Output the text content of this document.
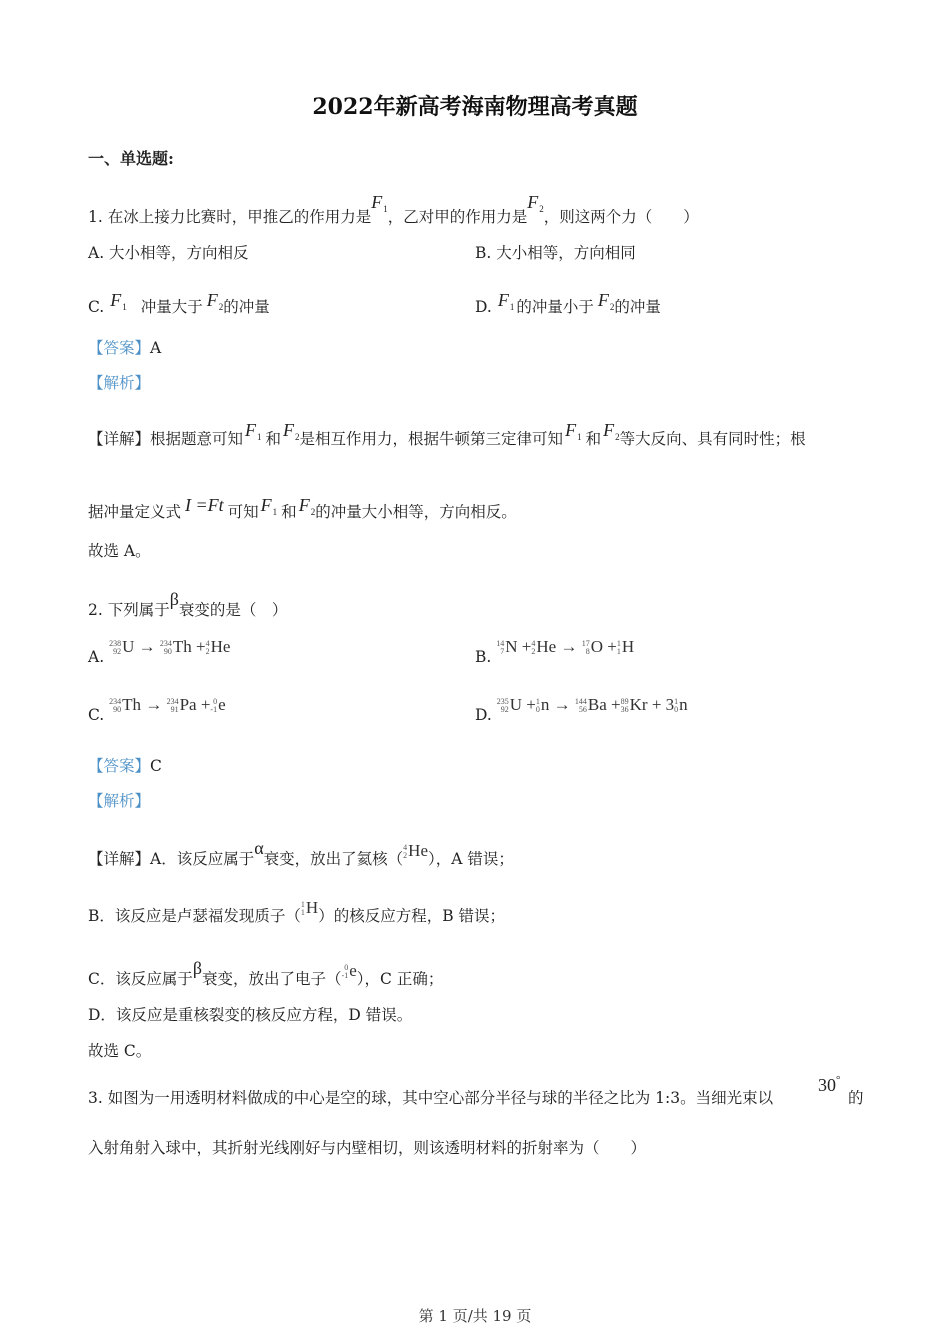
2022年新高考海南物理高考真题
一、单选题:
1. 在冰上接力比赛时，甲推乙的作用力是$F_1$，乙对甲的作用力是$F_2$，则这两个力（　　）
A. 大小相等，方向相反	B. 大小相等，方向相同
C. $F_1$ 冲量大于 $F_2$的冲量	D. $F_1$ 的冲量小于 $F_2$的冲量
【答案】A
【解析】
【详解】根据题意可知 $F_1$ 和 $F_2$是相互作用力，根据牛顿第三定律可知 $F_1$ 和 $F_2$等大反向、具有同时性；根
据冲量定义式 I =Ft 可知 $F_1$ 和 $F_2$的冲量大小相等，方向相反。
故选 A。
2. 下列属于β衰变的是（　）
A.
238
92 U → 234
90 Th + 4
2 He
B.
14
7 N + 4
2 He → 17
8 O + 1
1 H
C.
234
90 Th → 234
91 Pa + 0
-1 e
D.
235
92 U + 1
0 n → 144
56 Ba + 89
36 Kr + 3 1
0 n
【答案】C
【解析】
【详解】A．该反应属于α衰变，放出了氦核（
4
2 He），A 错误；
B．该反应是卢瑟福发现质子（
1
1 H）的核反应方程，B 错误；
C．该反应属于β衰变，放出了电子（
0
-1 e），C 正确；
D．该反应是重核裂变的核反应方程，D 错误。
故选 C。
3. 如图为一用透明材料做成的中心是空的球，其中空心部分半径与球的半径之比为 1:3。当细光束以
30°
的
入射角射入球中，其折射光线刚好与内壁相切，则该透明材料的折射率为（　　）
第 1 页/共 19 页
